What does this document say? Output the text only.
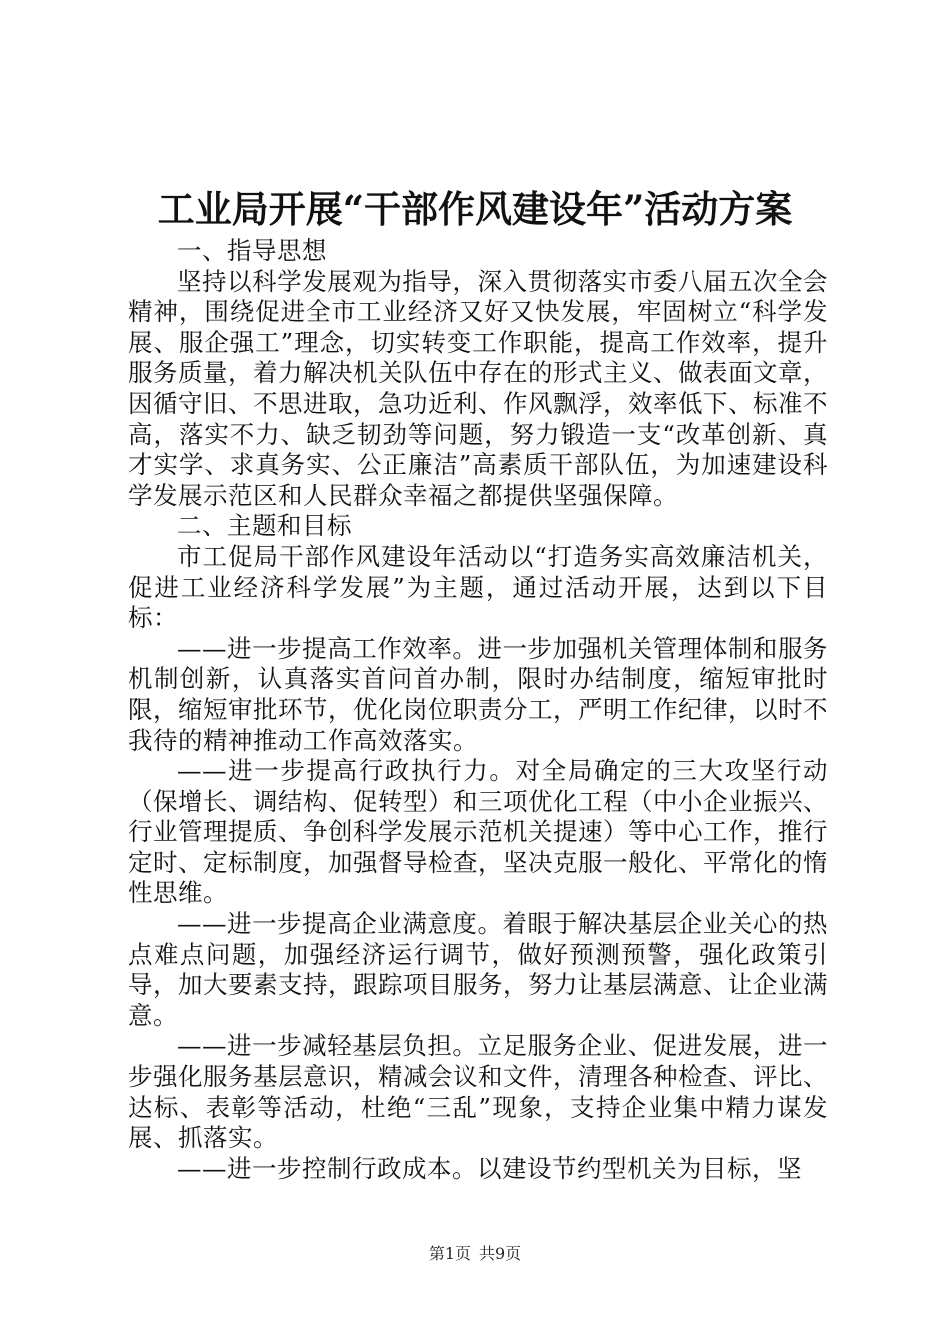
工业局开展“干部作风建设年”活动方案

一、指导思想

坚持以科学发展观为指导，深入贯彻落实市委八届五次全会精神，围绕促进全市工业经济又好又快发展，牢固树立“科学发展、服企强工”理念，切实转变工作职能，提高工作效率，提升服务质量，着力解决机关队伍中存在的形式主义、做表面文章，因循守旧、不思进取，急功近利、作风飘浮，效率低下、标准不高，落实不力、缺乏韧劲等问题，努力锻造一支“改革创新、真才实学、求真务实、公正廉洁”高素质干部队伍，为加速建设科学发展示范区和人民群众幸福之都提供坚强保障。

二、主题和目标

市工促局干部作风建设年活动以“打造务实高效廉洁机关，促进工业经济科学发展”为主题，通过活动开展，达到以下目标：

——进一步提高工作效率。进一步加强机关管理体制和服务机制创新，认真落实首问首办制，限时办结制度，缩短审批时限，缩短审批环节，优化岗位职责分工，严明工作纪律，以时不我待的精神推动工作高效落实。

——进一步提高行政执行力。对全局确定的三大攻坚行动（保增长、调结构、促转型）和三项优化工程（中小企业振兴、行业管理提质、争创科学发展示范机关提速）等中心工作，推行定时、定标制度，加强督导检查，坚决克服一般化、平常化的惰性思维。

——进一步提高企业满意度。着眼于解决基层企业关心的热点难点问题，加强经济运行调节，做好预测预警，强化政策引导，加大要素支持，跟踪项目服务，努力让基层满意、让企业满意。

——进一步减轻基层负担。立足服务企业、促进发展，进一步强化服务基层意识，精减会议和文件，清理各种检查、评比、达标、表彰等活动，杜绝“三乱”现象，支持企业集中精力谋发展、抓落实。

——进一步控制行政成本。以建设节约型机关为目标，坚

第1页 共9页
